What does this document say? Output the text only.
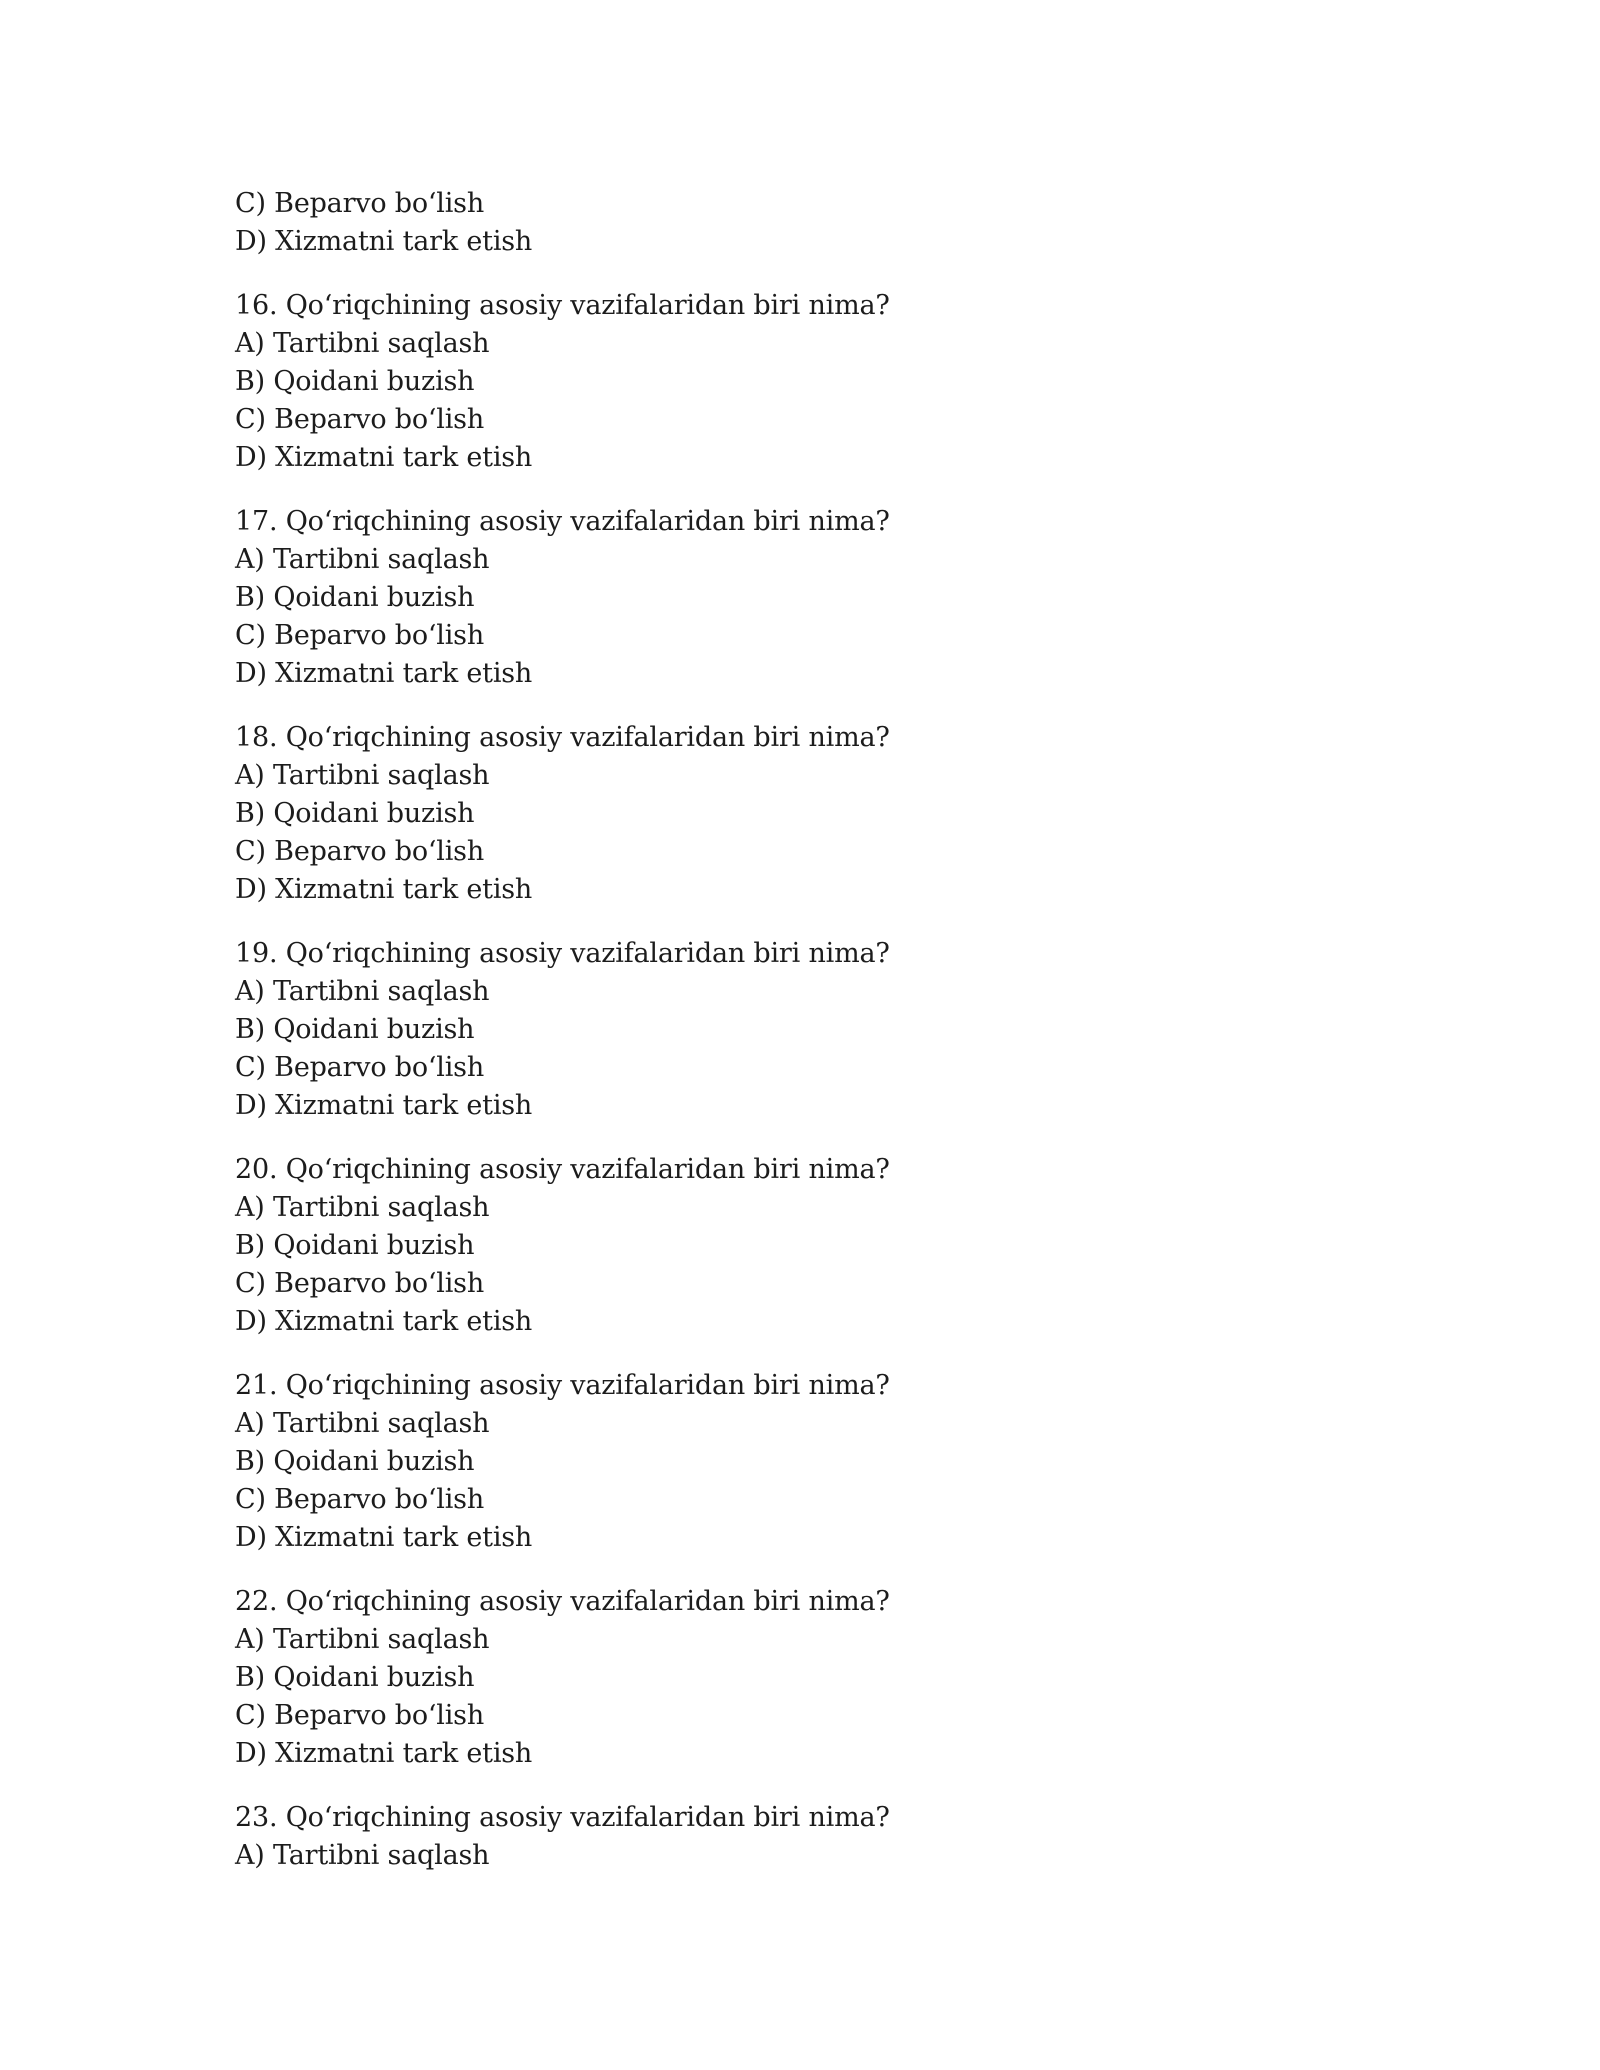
C) Beparvo boʻlish
D) Xizmatni tark etish
16. Qoʻriqchining asosiy vazifalaridan biri nima?
A) Tartibni saqlash
B) Qoidani buzish
C) Beparvo boʻlish
D) Xizmatni tark etish
17. Qoʻriqchining asosiy vazifalaridan biri nima?
A) Tartibni saqlash
B) Qoidani buzish
C) Beparvo boʻlish
D) Xizmatni tark etish
18. Qoʻriqchining asosiy vazifalaridan biri nima?
A) Tartibni saqlash
B) Qoidani buzish
C) Beparvo boʻlish
D) Xizmatni tark etish
19. Qoʻriqchining asosiy vazifalaridan biri nima?
A) Tartibni saqlash
B) Qoidani buzish
C) Beparvo boʻlish
D) Xizmatni tark etish
20. Qoʻriqchining asosiy vazifalaridan biri nima?
A) Tartibni saqlash
B) Qoidani buzish
C) Beparvo boʻlish
D) Xizmatni tark etish
21. Qoʻriqchining asosiy vazifalaridan biri nima?
A) Tartibni saqlash
B) Qoidani buzish
C) Beparvo boʻlish
D) Xizmatni tark etish
22. Qoʻriqchining asosiy vazifalaridan biri nima?
A) Tartibni saqlash
B) Qoidani buzish
C) Beparvo boʻlish
D) Xizmatni tark etish
23. Qoʻriqchining asosiy vazifalaridan biri nima?
A) Tartibni saqlash
